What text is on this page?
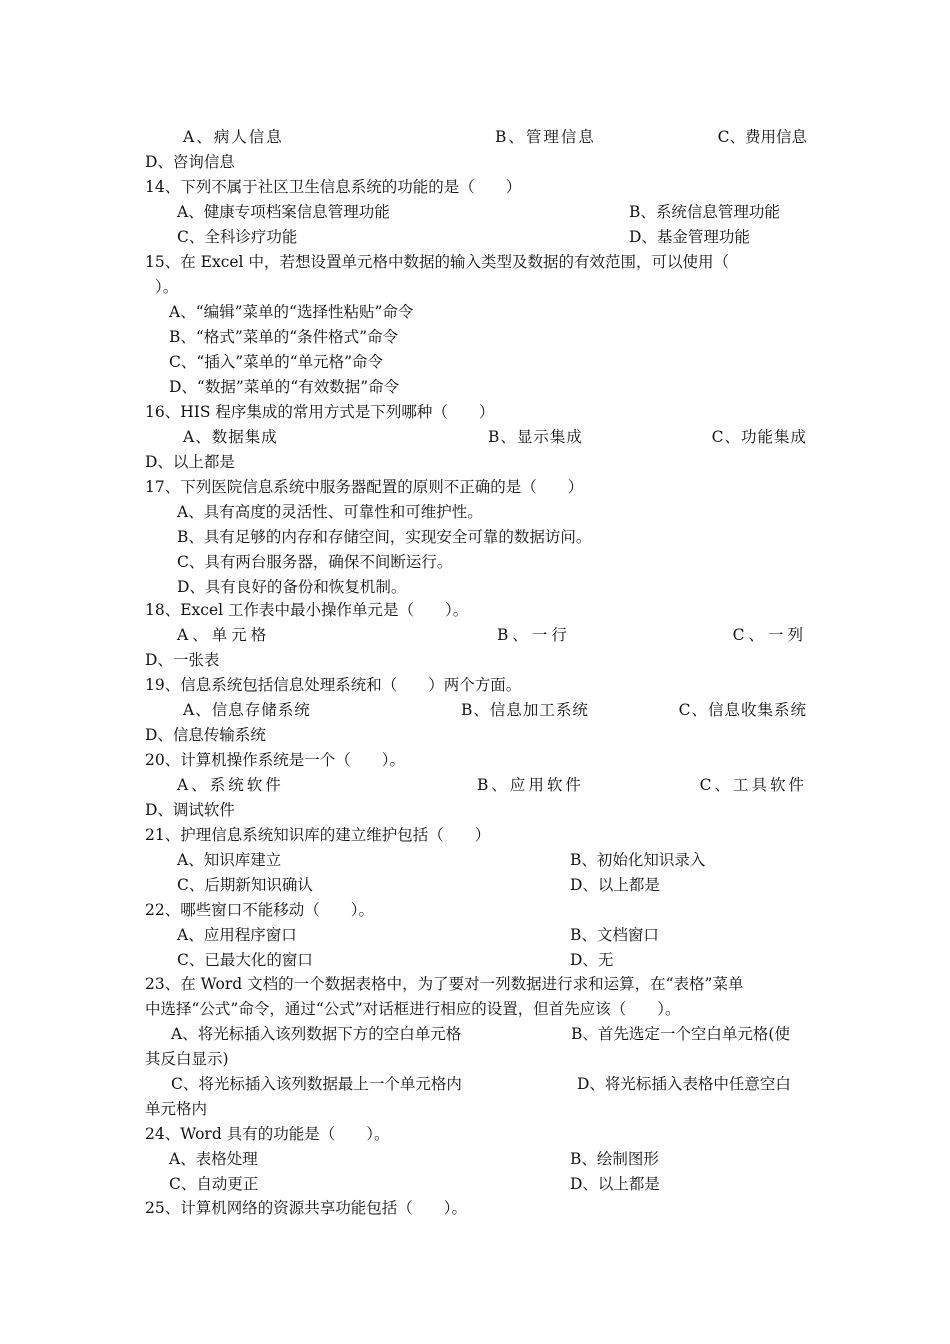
A、病人信息	B、管理信息	C、费用信息
D、咨询信息
14、下列不属于社区卫生信息系统的功能的是（　　）
A、健康专项档案信息管理功能	B、系统信息管理功能
C、全科诊疗功能	D、基金管理功能
15、在 Excel 中，若想设置单元格中数据的输入类型及数据的有效范围，可以使用（
）。
A、“编辑”菜单的“选择性粘贴”命令
B、“格式”菜单的“条件格式”命令
C、“插入”菜单的“单元格”命令
D、“数据”菜单的“有效数据”命令
16、HIS 程序集成的常用方式是下列哪种（　　）
A、数据集成	B、显示集成	C、功能集成
D、以上都是
17、下列医院信息系统中服务器配置的原则不正确的是（　　）
A、具有高度的灵活性、可靠性和可维护性。
B、具有足够的内存和存储空间，实现安全可靠的数据访问。
C、具有两台服务器，确保不间断运行。
D、具有良好的备份和恢复机制。
18、Excel 工作表中最小操作单元是（　　）。
A、单元格	B、一行	C、一列
D、一张表
19、信息系统包括信息处理系统和（　　）两个方面。
A、信息存储系统	B、信息加工系统	C、信息收集系统
D、信息传输系统
20、计算机操作系统是一个（　　）。
A、系统软件	B、应用软件	C、工具软件
D、调试软件
21、护理信息系统知识库的建立维护包括（　　）
A、知识库建立	B、初始化知识录入
C、后期新知识确认	D、以上都是
22、哪些窗口不能移动（　　）。
A、应用程序窗口	B、文档窗口
C、已最大化的窗口	D、无
23、在 Word 文档的一个数据表格中，为了要对一列数据进行求和运算，在“表格”菜单
中选择“公式”命令，通过“公式”对话框进行相应的设置，但首先应该（　　）。
A、将光标插入该列数据下方的空白单元格	B、首先选定一个空白单元格(使
其反白显示)
C、将光标插入该列数据最上一个单元格内	D、将光标插入表格中任意空白
单元格内
24、Word 具有的功能是（　　）。
A、表格处理	B、绘制图形
C、自动更正	D、以上都是
25、计算机网络的资源共享功能包括（　　）。
